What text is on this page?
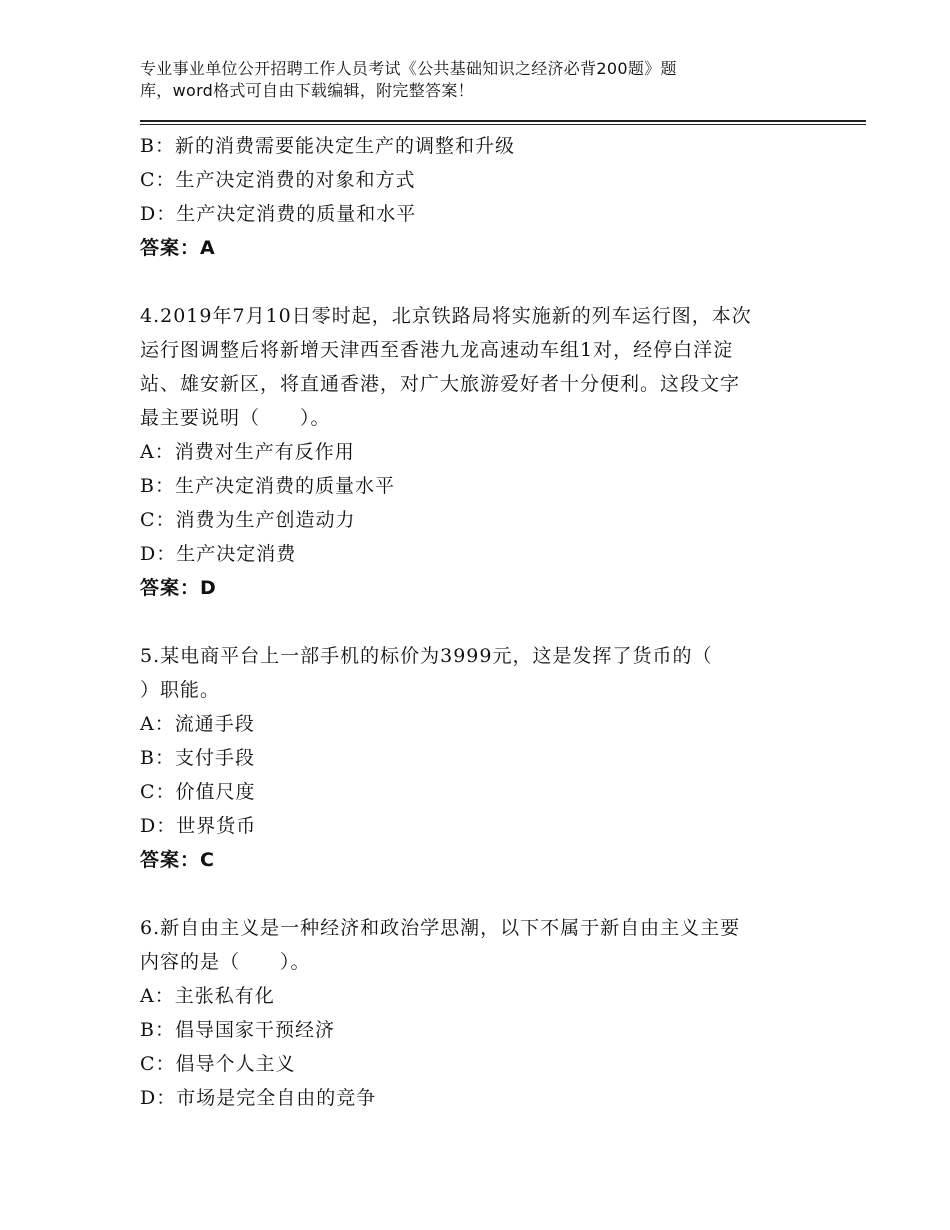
专业事业单位公开招聘工作人员考试《公共基础知识之经济必背200题》题
库，word格式可自由下载编辑，附完整答案！
B：新的消费需要能决定生产的调整和升级
C：生产决定消费的对象和方式
D：生产决定消费的质量和水平
答案：A
4.2019年7月10日零时起，北京铁路局将实施新的列车运行图，本次
运行图调整后将新增天津西至香港九龙高速动车组1对，经停白洋淀
站、雄安新区，将直通香港，对广大旅游爱好者十分便利。这段文字
最主要说明（　　）。
A：消费对生产有反作用
B：生产决定消费的质量水平
C：消费为生产创造动力
D：生产决定消费
答案：D
5.某电商平台上一部手机的标价为3999元，这是发挥了货币的（
）职能。
A：流通手段
B：支付手段
C：价值尺度
D：世界货币
答案：C
6.新自由主义是一种经济和政治学思潮，以下不属于新自由主义主要
内容的是（　　）。
A：主张私有化
B：倡导国家干预经济
C：倡导个人主义
D：市场是完全自由的竞争
